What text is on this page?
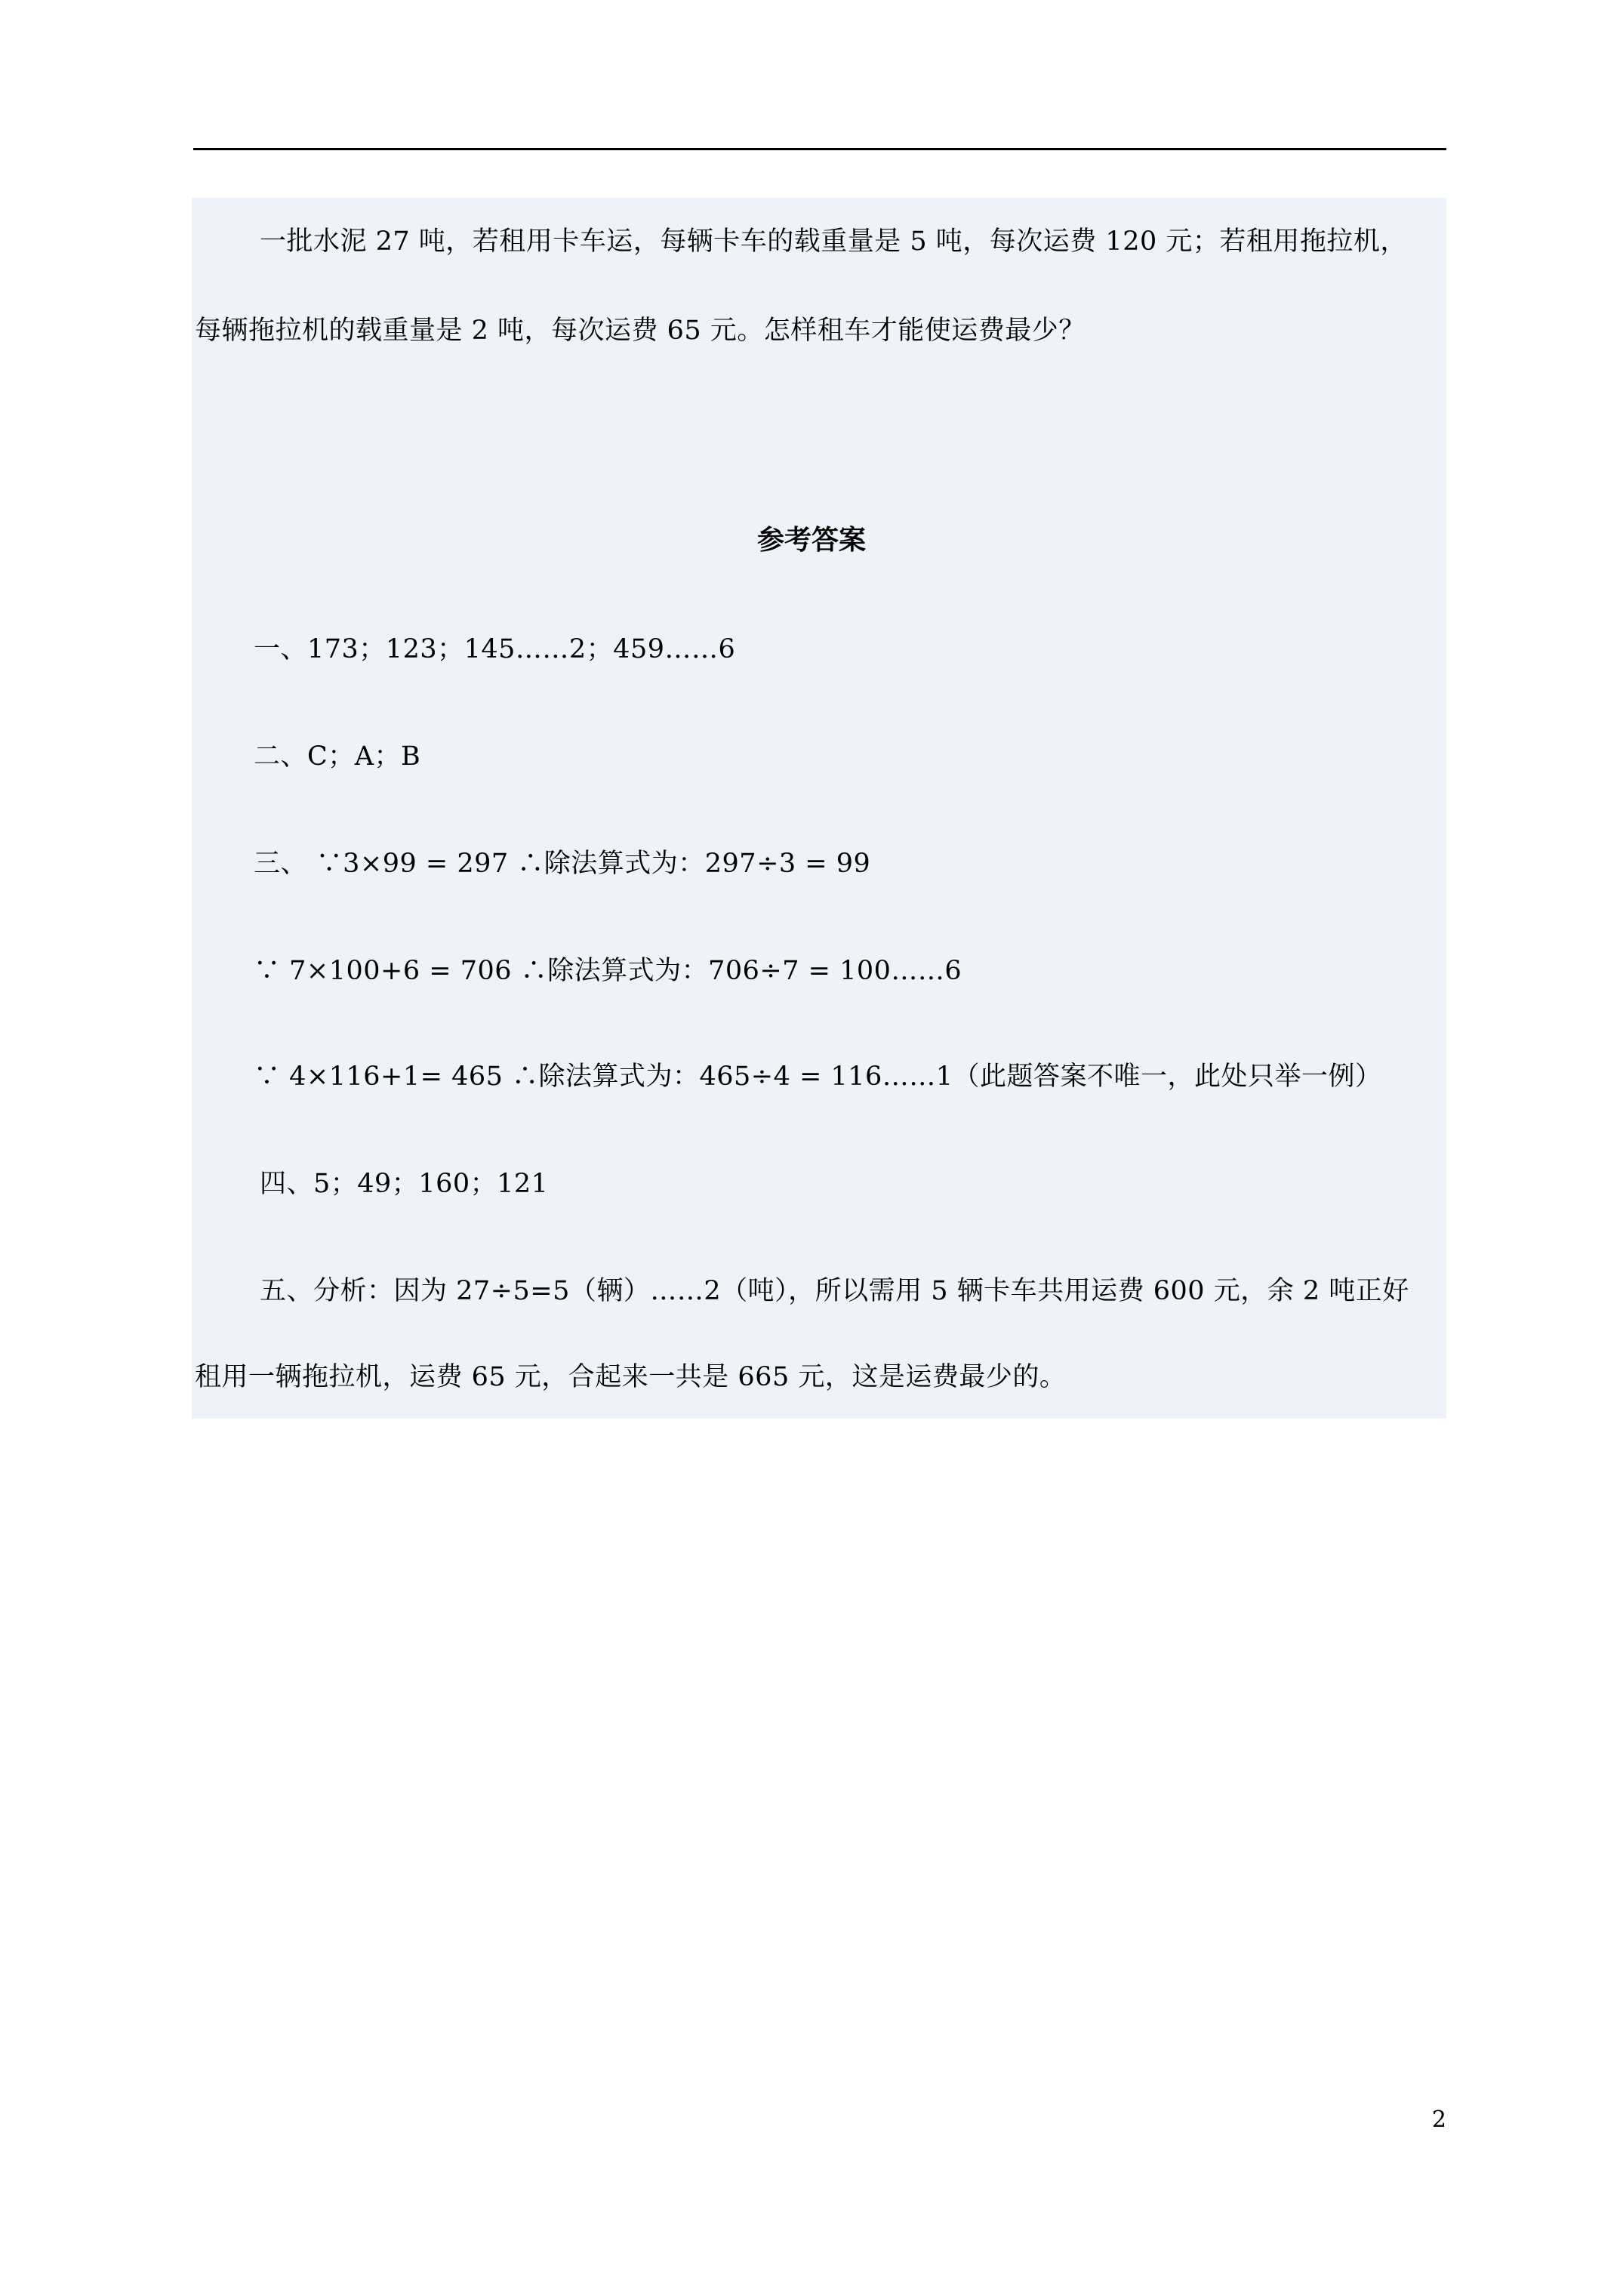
一批水泥 27 吨，若租用卡车运，每辆卡车的载重量是 5 吨，每次运费 120 元；若租用拖拉机，
每辆拖拉机的载重量是 2 吨，每次运费 65 元。怎样租车才能使运费最少？
参考答案
一、173；123；145……2；459……6
二、C；A；B
三、 ∵3×99 = 297 ∴除法算式为：297÷3 = 99
∵ 7×100+6 = 706 ∴除法算式为：706÷7 = 100……6
∵ 4×116+1= 465 ∴除法算式为：465÷4 = 116……1（此题答案不唯一，此处只举一例）
四、5；49；160；121
五、分析：因为 27÷5=5（辆）……2（吨），所以需用 5 辆卡车共用运费 600 元，余 2 吨正好
租用一辆拖拉机，运费 65 元，合起来一共是 665 元，这是运费最少的。
2
